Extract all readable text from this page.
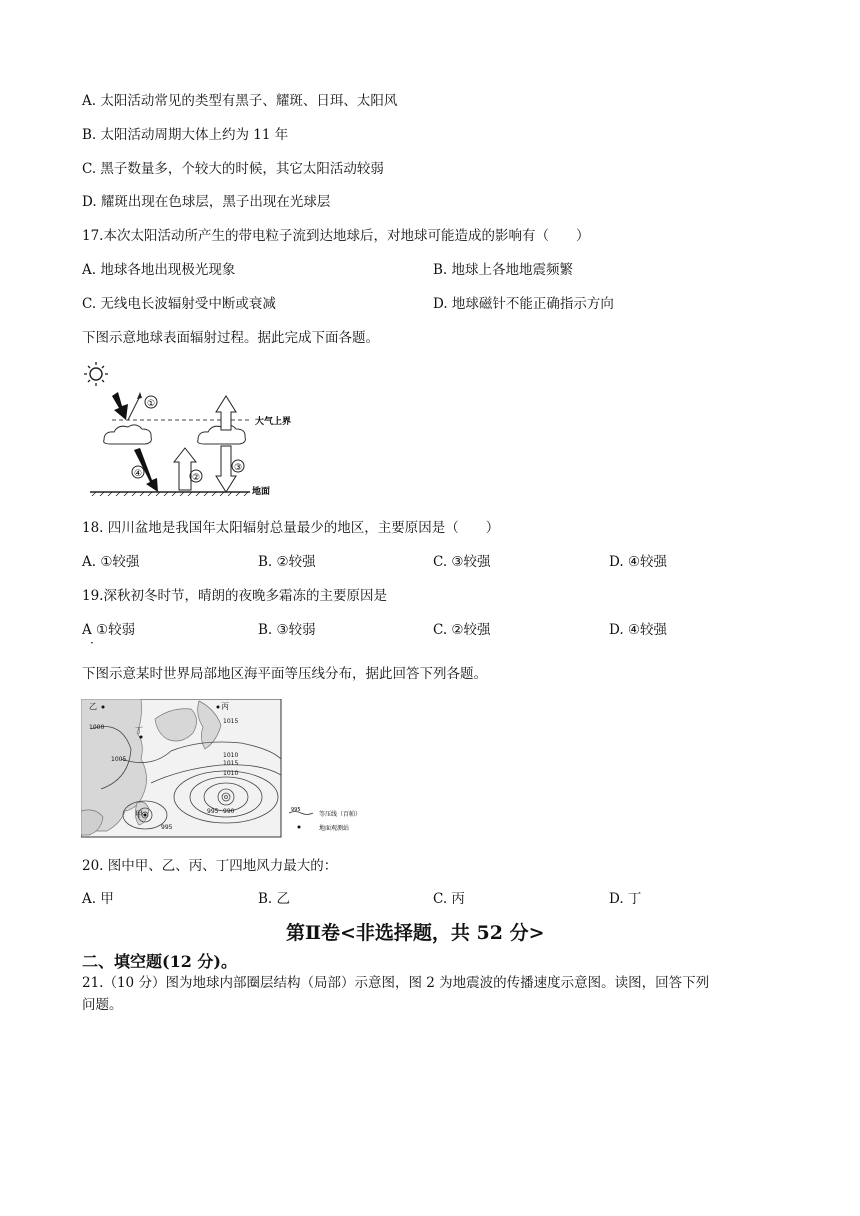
A. 太阳活动常见的类型有黑子、耀斑、日珥、太阳风
B. 太阳活动周期大体上约为 11 年
C. 黑子数量多，个较大的时候，其它太阳活动较弱
D. 耀斑出现在色球层，黑子出现在光球层
17.本次太阳活动所产生的带电粒子流到达地球后，对地球可能造成的影响有（　　）
A. 地球各地出现极光现象	B. 地球上各地地震频繁
C. 无线电长波辐射受中断或衰减	D. 地球磁针不能正确指示方向
下图示意地球表面辐射过程。据此完成下面各题。
大气上界
①
④	②
③
地面
18. 四川盆地是我国年太阳辐射总量最少的地区，主要原因是（　　）
A. ①较强	B. ②较强	C. ③较强	D. ④较强
19.深秋初冬时节，晴朗的夜晚多霜冻的主要原因是
A ①较弱
·
B. ③较弱	C. ②较强	D. ④较强
下图示意某时世界局部地区海平面等压线分布，据此回答下列各题。
乙
1000
1005
丁
丙
1015
1010
1015
1010
995 990
995
甲	995
等压线（百帕）
地面观测站
20. 图中甲、乙、丙、丁四地风力最大的：
A. 甲	B. 乙	C. 丙	D. 丁
第Ⅱ卷<非选择题，共 52 分>
二、填空题(12 分)。
21.（10 分）图为地球内部圈层结构（局部）示意图，图 2 为地震波的传播速度示意图。读图，回答下列
问题。
